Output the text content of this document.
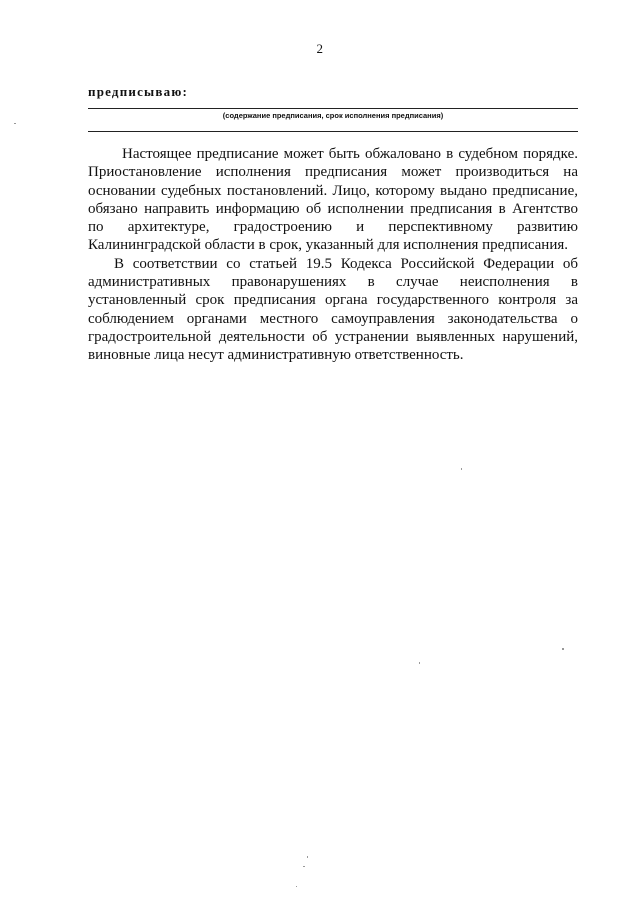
2
предписываю:
(содержание предписания, срок исполнения предписания)

Настоящее предписание может быть обжаловано в судебном порядке. Приостановление исполнения предписания может производиться на основании судебных постановлений. Лицо, которому выдано предписание, обязано направить информацию об исполнении предписания в Агентство по архитектуре, градостроению и перспективному развитию Калининградской области в срок, указанный для исполнения предписания.

В соответствии со статьей 19.5 Кодекса Российской Федерации об административных правонарушениях в случае неисполнения в установленный срок предписания органа государственного контроля за соблюдением органами местного самоуправления законодательства о градостроительной деятельности об устранении выявленных нарушений, виновные лица несут административную ответственность.
